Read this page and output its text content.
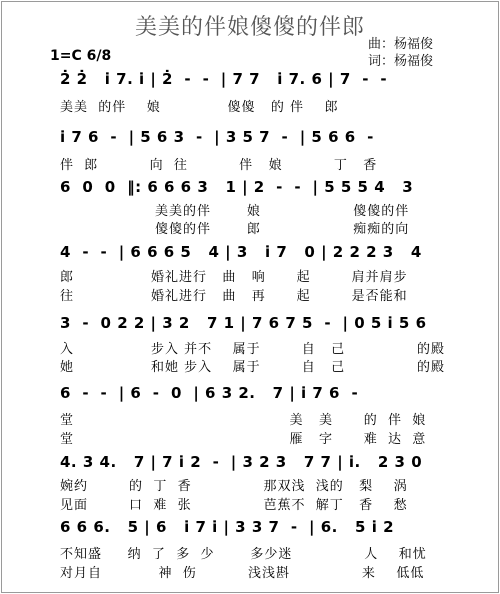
美美的伴娘傻傻的伴郎
曲：杨福俊
词：杨福俊
1=C 6/8
2̇ 2̇   i̇ 7. i̇ | 2̇  -  -  | 7 7   i̇ 7. 6 | 7  -  -
美美  的伴    娘             傻傻   的 伴    郎
i̇ 7 6  -  | 5 6 3  -  | 3 5 7  -  | 5 6 6  -
伴  郎          向  往          伴   娘          丁   香
6  0  0  ‖: 6 6 6 3   1 | 2  -  -  | 5 5 5 4   3
美美的伴       娘                  傻傻的伴
傻傻的伴       郎                  痴痴的向
4  -  -  | 6 6 6 5   4 | 3   i̇ 7   0 | 2 2 2 3   4
郎               婚礼进行   曲   响      起        肩并肩步
往               婚礼进行   曲   再      起        是否能和
3  -  0 2 2 | 3 2   7 1 | 7 6 7 5  -  | 0 5 i̇ 5 6
入               步入 并不    属于        自   己              的殿
她               和她 步入    属于        自   己              的殿
6  -  -  | 6  -  0  | 6 3 2.   7 | i̇ 7 6  -
堂                                          美   美      的  伴  娘
堂                                          雁   字      难  达  意
4. 3 4.   7 | 7 i̇ 2  -  | 3 2 3   7 7 | i̇.   2 3 0
婉约        的  丁  香              那双浅  浅的   梨    涡
见面        口  难  张              芭蕉不  解丁   香    愁
6 6 6.   5 | 6   i̇ 7 i̇ | 3 3 7  -  | 6.   5 i̇ 2
不知盛     纳  了  多  少       多少迷              人    和忧
对月自           神  伤          浅浅斟              来    低低
